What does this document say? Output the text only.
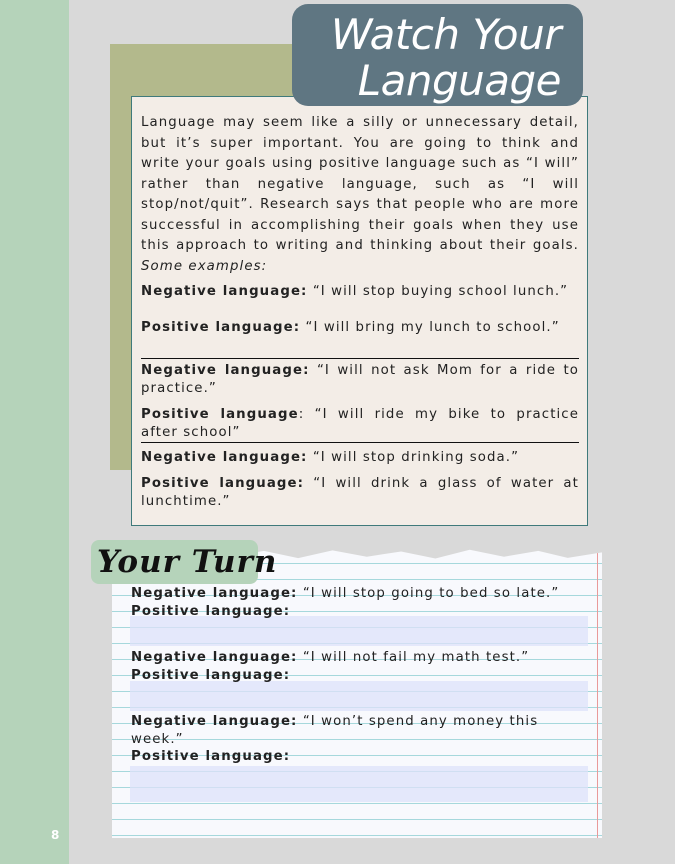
8
Watch Your
Language

Language may seem like a silly or unnecessary detail, but it’s super important. You are going to think and write your goals using positive language such as “I will” rather than negative language, such as “I will stop/not/quit”. Research says that people who are more successful in accomplishing their goals when they use this approach to writing and thinking about their goals. Some examples:

Negative language: “I will stop buying school lunch.”

Positive language: “I will bring my lunch to school.”

Negative language: “I will not ask Mom for a ride to practice.”

Positive language: “I will ride my bike to practice after school”

Negative language: “I will stop drinking soda.”

Positive language: “I will drink a glass of water at lunchtime.”

Your Turn

Negative language: “I will stop going to bed so late.”
Positive language:

Negative language: “I will not fail my math test.”
Positive language:

Negative language: “I won’t spend any money this week.”
Positive language:
